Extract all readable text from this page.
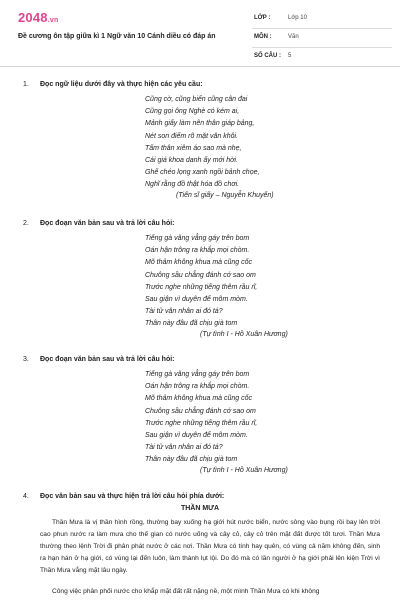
2048.vn
Đề cương ôn tập giữa kì 1 Ngữ văn 10 Cánh diều có đáp án
LỚP :	Lớp 10
MÔN :	Văn
SỐ CÂU : 5
1. Đọc ngữ liệu dưới đây và thực hiện các yêu cầu:
Cũng cờ, cũng biển cũng cân đai
Cũng gọi ông Nghè có kém ai,
Mảnh giấy làm nên thân giáp bảng,
Nét son điểm rõ mặt văn khôi.
Tấm thân xiêm áo sao mà nhẹ,
Cái giá khoa danh ấy mới hời.
Ghế chéo lọng xanh ngồi bảnh chọe,
Nghĩ rằng đồ thật hóa đồ chơi.
(Tiến sĩ giấy – Nguyễn Khuyến)
2. Đọc đoạn văn bản sau và trả lời câu hỏi:
Tiếng gà văng vẳng gáy trên bom
Oán hận trông ra khắp mọi chòm.
Mõ thảm không khua mà cũng cốc
Chuông sầu chẳng đánh cớ sao om
Trước nghe những tiếng thêm rầu rĩ,
Sau giận vì duyên để mõm mòm.
Tài tử văn nhân ai đó tá?
Thân này đâu đã chịu già tom
(Tự tình I - Hồ Xuân Hương)
3. Đọc đoạn văn bản sau và trả lời câu hỏi:
Tiếng gà văng vẳng gáy trên bom
Oán hận trông ra khắp mọi chòm.
Mõ thảm không khua mà cũng cốc
Chuông sầu chẳng đánh cớ sao om
Trước nghe những tiếng thêm rầu rĩ,
Sau giận vì duyên để mõm mòm.
Tài tử văn nhân ai đó tá?
Thân này đâu đã chịu già tom
(Tự tình I - Hồ Xuân Hương)
4. Đọc văn bản sau và thực hiện trả lời câu hỏi phía dưới:
THẦN MƯA
Thần Mưa là vị thần hình rồng, thường bay xuống hạ giới hút nước biển, nước sông vào bụng rồi bay lên trời cao phun nước ra làm mưa cho thế gian có nước uống và cây cỏ, cây cỏ trên mặt đất được tốt tươi. Thần Mưa thường theo lệnh Trời đi phân phát nước ở các nơi. Thần Mưa có tính hay quên, có vùng cả năm không đến, sinh ra hạn hán ở hạ giới, có vùng lại đến luôn, làm thành lụt lội. Do đó mà có lần người ở hạ giới phải lên kiện Trời vì Thần Mưa vắng mặt lâu ngày.
Công việc phân phối nước cho khắp mặt đất rất nặng nề, một mình Thần Mưa có khi không
